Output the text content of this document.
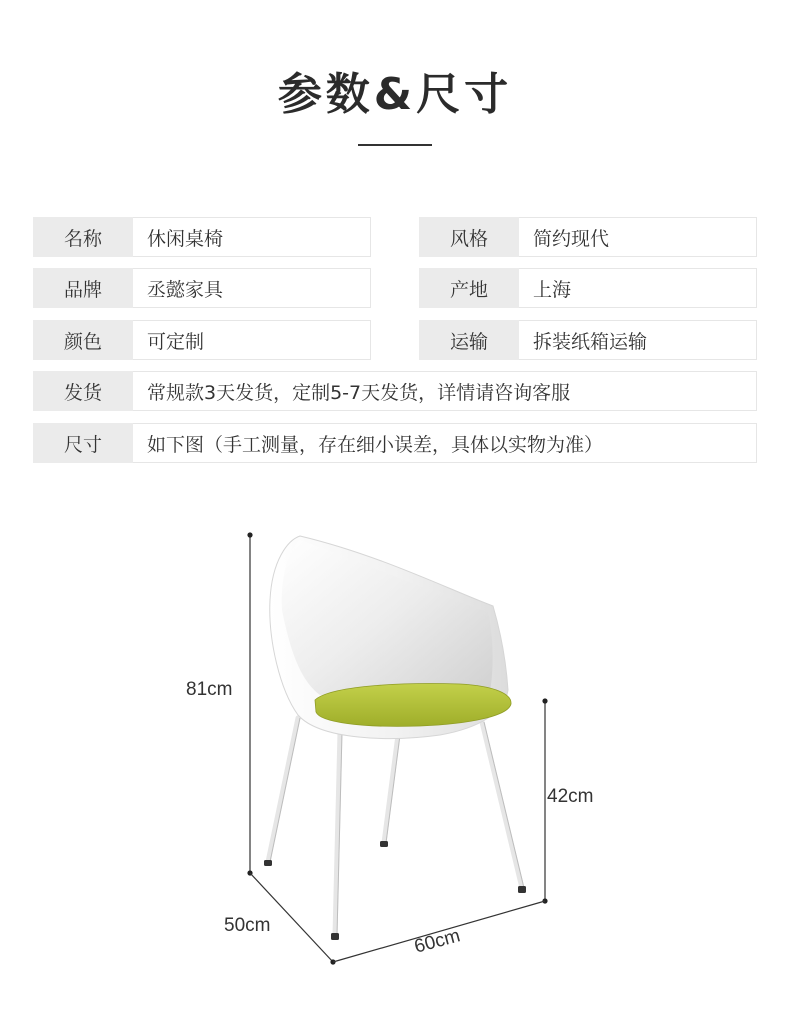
参数&尺寸
名称	休闲桌椅	风格	简约现代
品牌	丞懿家具	产地	上海
颜色	可定制	运输	拆装纸箱运输
发货	常规款3天发货，定制5-7天发货，详情请咨询客服
尺寸	如下图（手工测量，存在细小误差，具体以实物为准）
81cm
42cm
50cm	60cm
